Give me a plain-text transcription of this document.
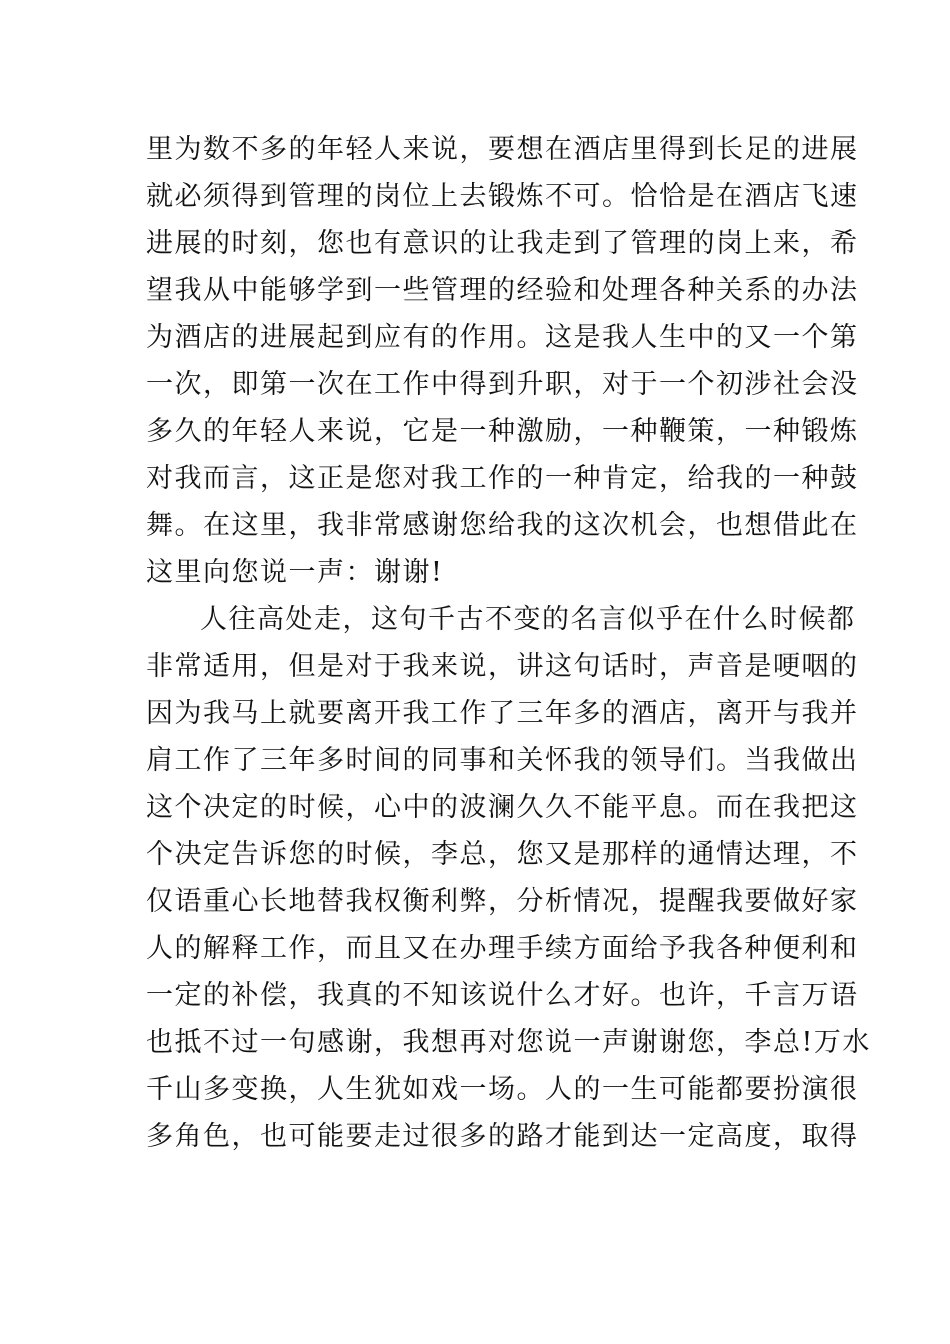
里为数不多的年轻人来说，要想在酒店里得到长足的进展
就必须得到管理的岗位上去锻炼不可。恰恰是在酒店飞速
进展的时刻，您也有意识的让我走到了管理的岗上来，希
望我从中能够学到一些管理的经验和处理各种关系的办法
为酒店的进展起到应有的作用。这是我人生中的又一个第
一次，即第一次在工作中得到升职，对于一个初涉社会没
多久的年轻人来说，它是一种激励，一种鞭策，一种锻炼
对我而言，这正是您对我工作的一种肯定，给我的一种鼓
舞。在这里，我非常感谢您给我的这次机会，也想借此在
这里向您说一声：谢谢!
人往高处走，这句千古不变的名言似乎在什么时候都
非常适用，但是对于我来说，讲这句话时，声音是哽咽的
因为我马上就要离开我工作了三年多的酒店，离开与我并
肩工作了三年多时间的同事和关怀我的领导们。当我做出
这个决定的时候，心中的波澜久久不能平息。而在我把这
个决定告诉您的时候，李总，您又是那样的通情达理，不
仅语重心长地替我权衡利弊，分析情况，提醒我要做好家
人的解释工作，而且又在办理手续方面给予我各种便利和
一定的补偿，我真的不知该说什么才好。也许，千言万语
也抵不过一句感谢，我想再对您说一声谢谢您，李总!万水
千山多变换，人生犹如戏一场。人的一生可能都要扮演很
多角色，也可能要走过很多的路才能到达一定高度，取得
